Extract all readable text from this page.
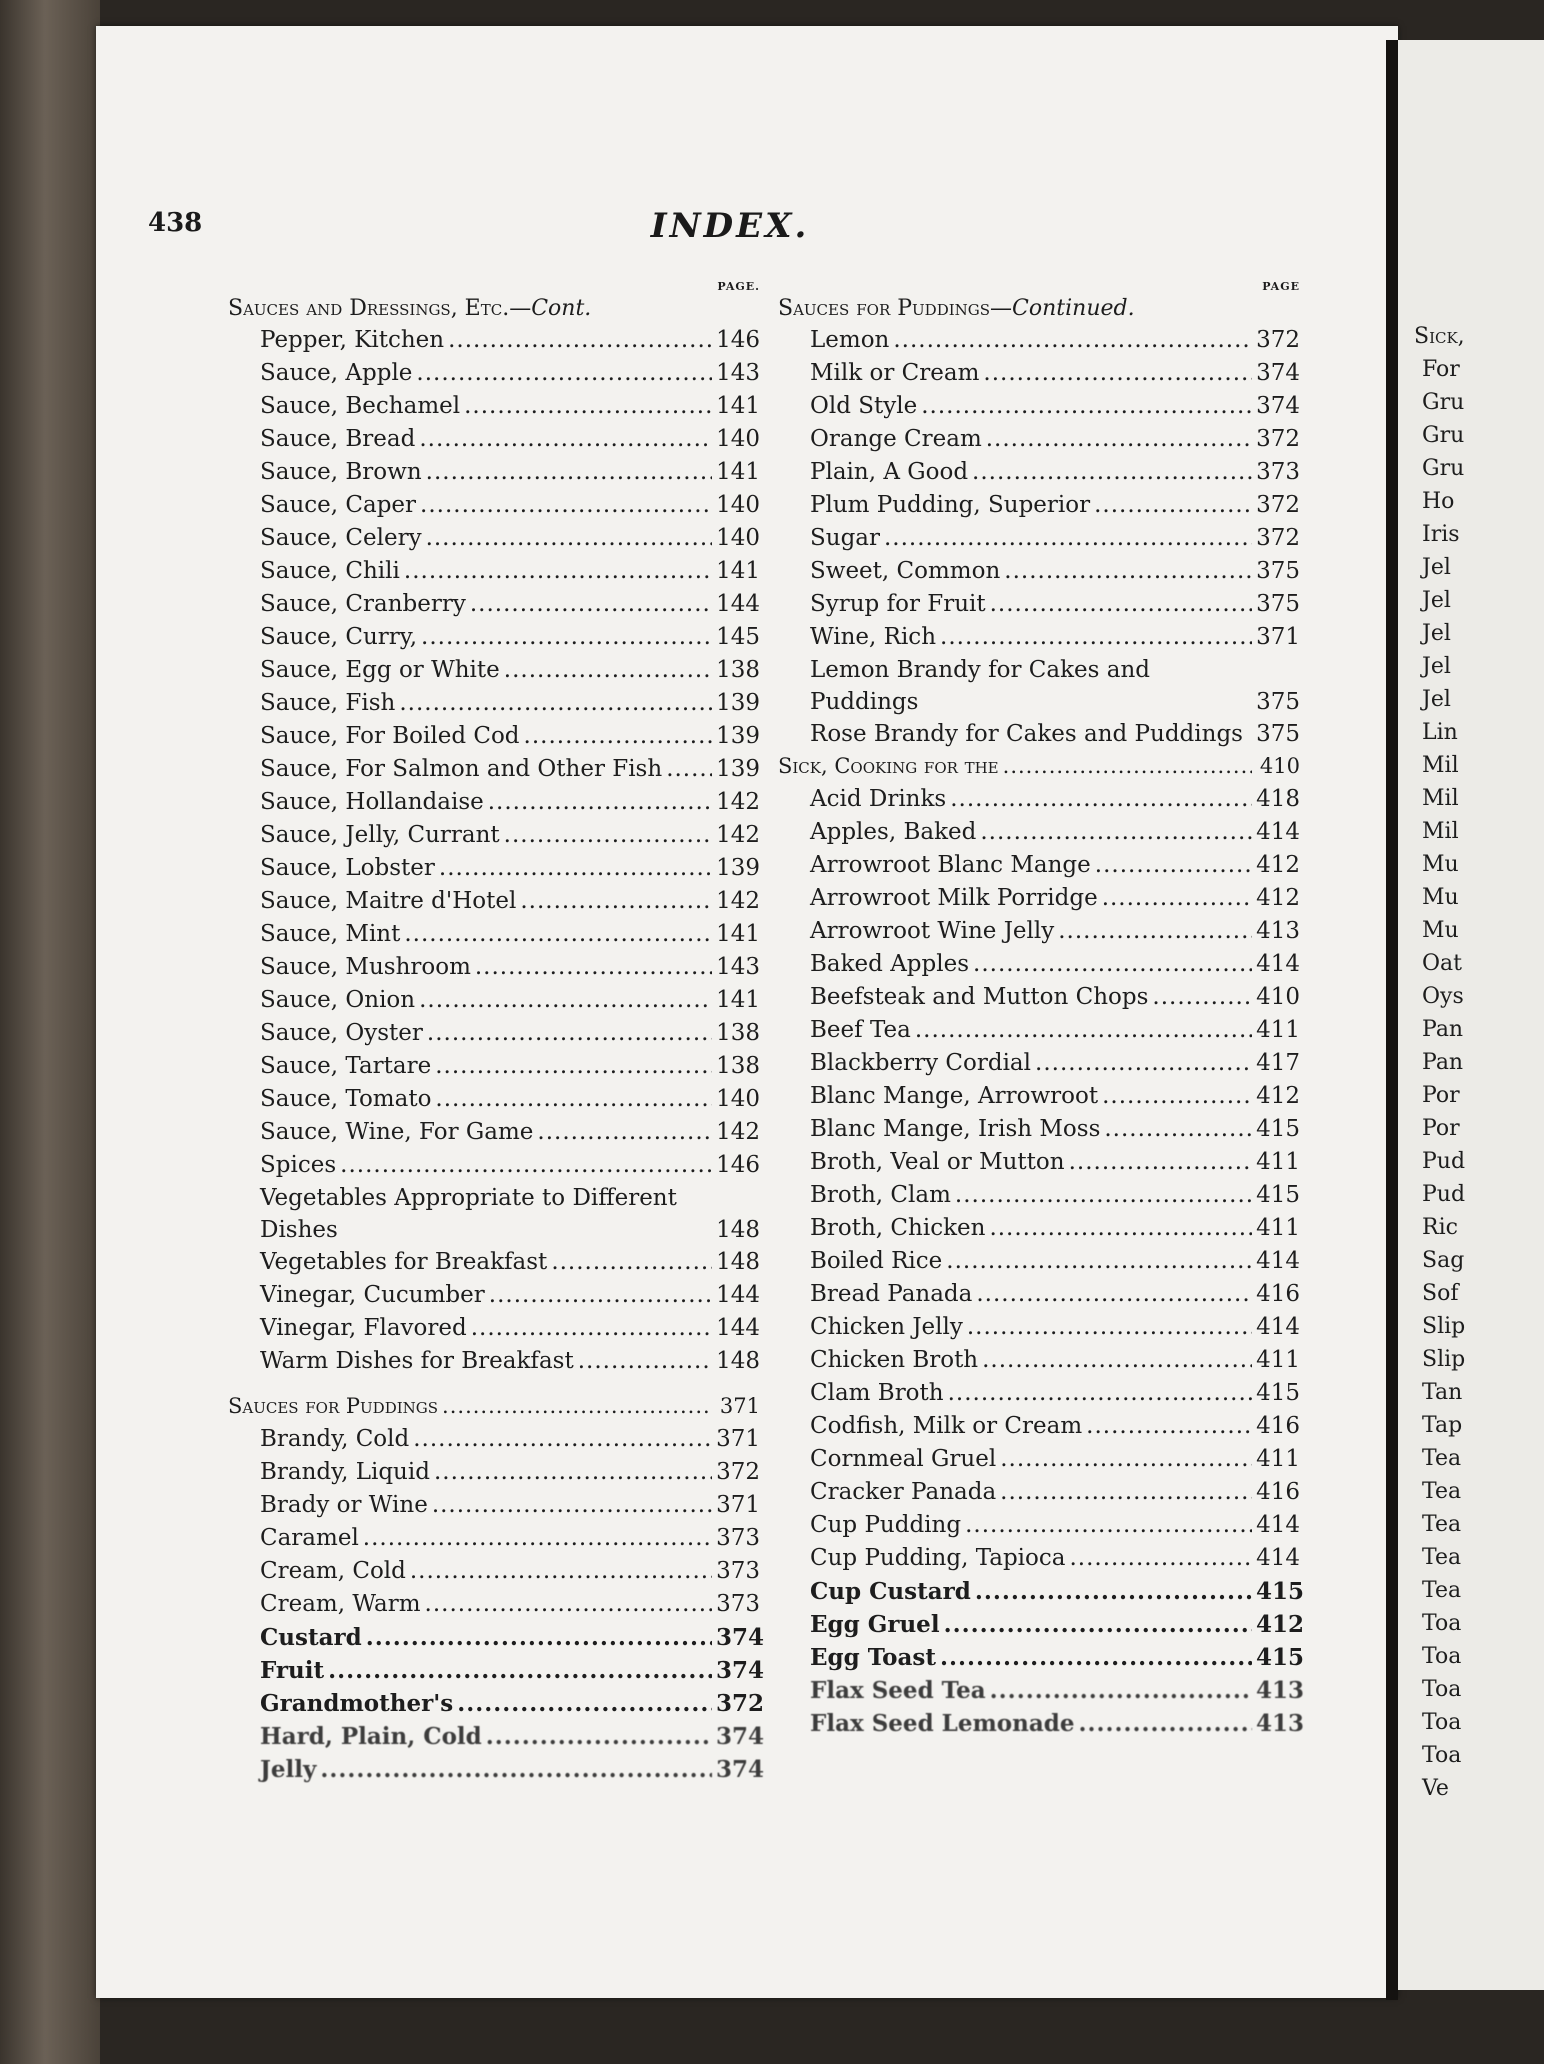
438	INDEX.
PAGE.
Sauces and Dressings, Etc.—Cont.
Pepper, Kitchen .....	146
Sauce, Apple .....	143
Sauce, Bechamel .....	141
Sauce, Bread .....	140
Sauce, Brown .....	141
Sauce, Caper .....	140
Sauce, Celery .....	140
Sauce, Chili .....	141
Sauce, Cranberry .....	144
Sauce, Curry, .....	145
Sauce, Egg or White .....	138
Sauce, Fish .....	139
Sauce, For Boiled Cod .....	139
Sauce, For Salmon and Other Fish ..... 139
Sauce, Hollandaise .....	142
Sauce, Jelly, Currant .....	142
Sauce, Lobster .....	139
Sauce, Maitre d'Hotel .....	142
Sauce, Mint .....	141
Sauce, Mushroom .....	143
Sauce, Onion .....	141
Sauce, Oyster .....	138
Sauce, Tartare .....	138
Sauce, Tomato .....	140
Sauce, Wine, For Game .....	142
Spices .....	146
Vegetables Appropriate to Different Dishes	148
Vegetables for Breakfast .....	148
Vinegar, Cucumber .....	144
Vinegar, Flavored .....	144
Warm Dishes for Breakfast .....	148
Sauces for Puddings .....	371
Brandy, Cold .....	371
Brandy, Liquid .....	372
Brady or Wine .....	371
Caramel .....	373
Cream, Cold .....	373
Cream, Warm .....	373
Custard .....	374
Fruit .....	374
Grandmother's .....	372
Hard, Plain, Cold .....	374
Jelly .....	374
PAGE
Sauces for Puddings—Continued.
Lemon .....	372
Milk or Cream .....	374
Old Style .....	374
Orange Cream .....	372
Plain, A Good .....	373
Plum Pudding, Superior .....	372
Sugar .....	372
Sweet, Common .....	375
Syrup for Fruit .....	375
Wine, Rich .....	371
Lemon Brandy for Cakes and Puddings	375
Rose Brandy for Cakes and Puddings 375
Sick, Cooking for the .....	410
Acid Drinks .....	418
Apples, Baked .....	414
Arrowroot Blanc Mange .....	412
Arrowroot Milk Porridge .....	412
Arrowroot Wine Jelly .....	413
Baked Apples .....	414
Beefsteak and Mutton Chops .....	410
Beef Tea .....	411
Blackberry Cordial .....	417
Blanc Mange, Arrowroot .....	412
Blanc Mange, Irish Moss .....	415
Broth, Veal or Mutton .....	411
Broth, Clam .....	415
Broth, Chicken .....	411
Boiled Rice .....	414
Bread Panada .....	416
Chicken Jelly .....	414
Chicken Broth .....	411
Clam Broth .....	415
Codfish, Milk or Cream .....	416
Cornmeal Gruel .....	411
Cracker Panada .....	416
Cup Pudding .....	414
Cup Pudding, Tapioca .....	414
Cup Custard .....	415
Egg Gruel .....	412
Egg Toast .....	415
Flax Seed Tea .....	413
Flax Seed Lemonade .....	413
Sick,
For
Gru
Gru
Gru
Ho
Iris
Jel
Jel
Jel
Jel
Jel
Lin
Mil
Mil
Mil
Mu
Mu
Mu
Oat
Oys
Pan
Pan
Por
Por
Pud
Pud
Ric
Sag
Sof
Slip
Slip
Tan
Tap
Tea
Tea
Tea
Tea
Tea
Toa
Toa
Toa
Toa
Toa
Ve
